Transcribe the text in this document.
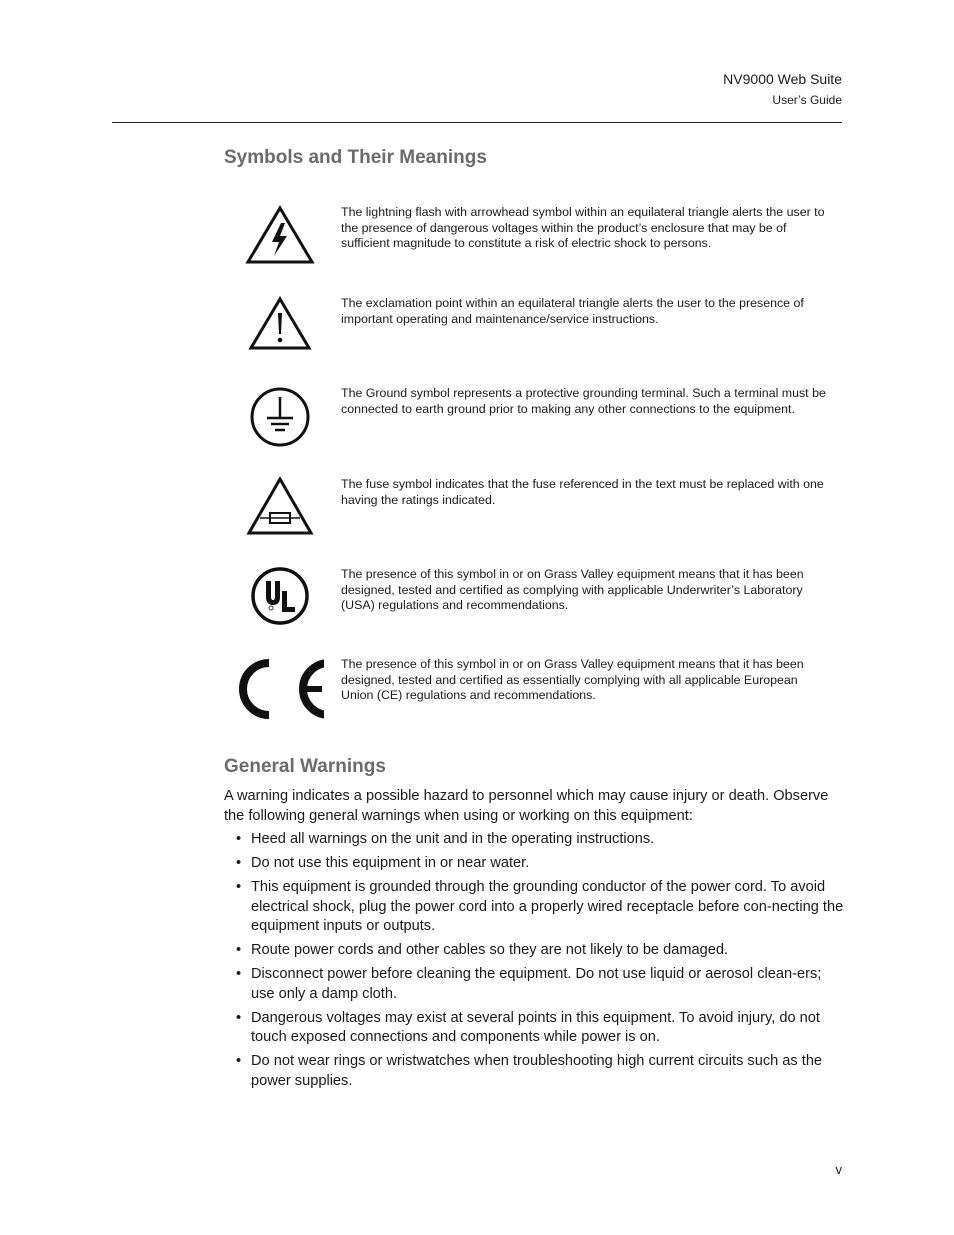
NV9000 Web Suite
User’s Guide
Symbols and Their Meanings
The lightning flash with arrowhead symbol within an equilateral triangle alerts the user to the presence of dangerous voltages within the product’s enclosure that may be of sufficient magnitude to constitute a risk of electric shock to persons.
The exclamation point within an equilateral triangle alerts the user to the presence of important operating and maintenance/service instructions.
The Ground symbol represents a protective grounding terminal. Such a terminal must be connected to earth ground prior to making any other connections to the equipment.
The fuse symbol indicates that the fuse referenced in the text must be replaced with one having the ratings indicated.
The presence of this symbol in or on Grass Valley equipment means that it has been designed, tested and certified as complying with applicable Underwriter’s Laboratory (USA) regulations and recommendations.
The presence of this symbol in or on Grass Valley equipment means that it has been designed, tested and certified as essentially complying with all applicable European Union (CE) regulations and recommendations.
General Warnings

A warning indicates a possible hazard to personnel which may cause injury or death. Observe the following general warnings when using or working on this equipment:

• Heed all warnings on the unit and in the operating instructions.
• Do not use this equipment in or near water.
• This equipment is grounded through the grounding conductor of the power cord. To avoid electrical shock, plug the power cord into a properly wired receptacle before con-necting the equipment inputs or outputs.
• Route power cords and other cables so they are not likely to be damaged.
• Disconnect power before cleaning the equipment. Do not use liquid or aerosol clean-ers; use only a damp cloth.
• Dangerous voltages may exist at several points in this equipment. To avoid injury, do not touch exposed connections and components while power is on.
• Do not wear rings or wristwatches when troubleshooting high current circuits such as the power supplies.
v
